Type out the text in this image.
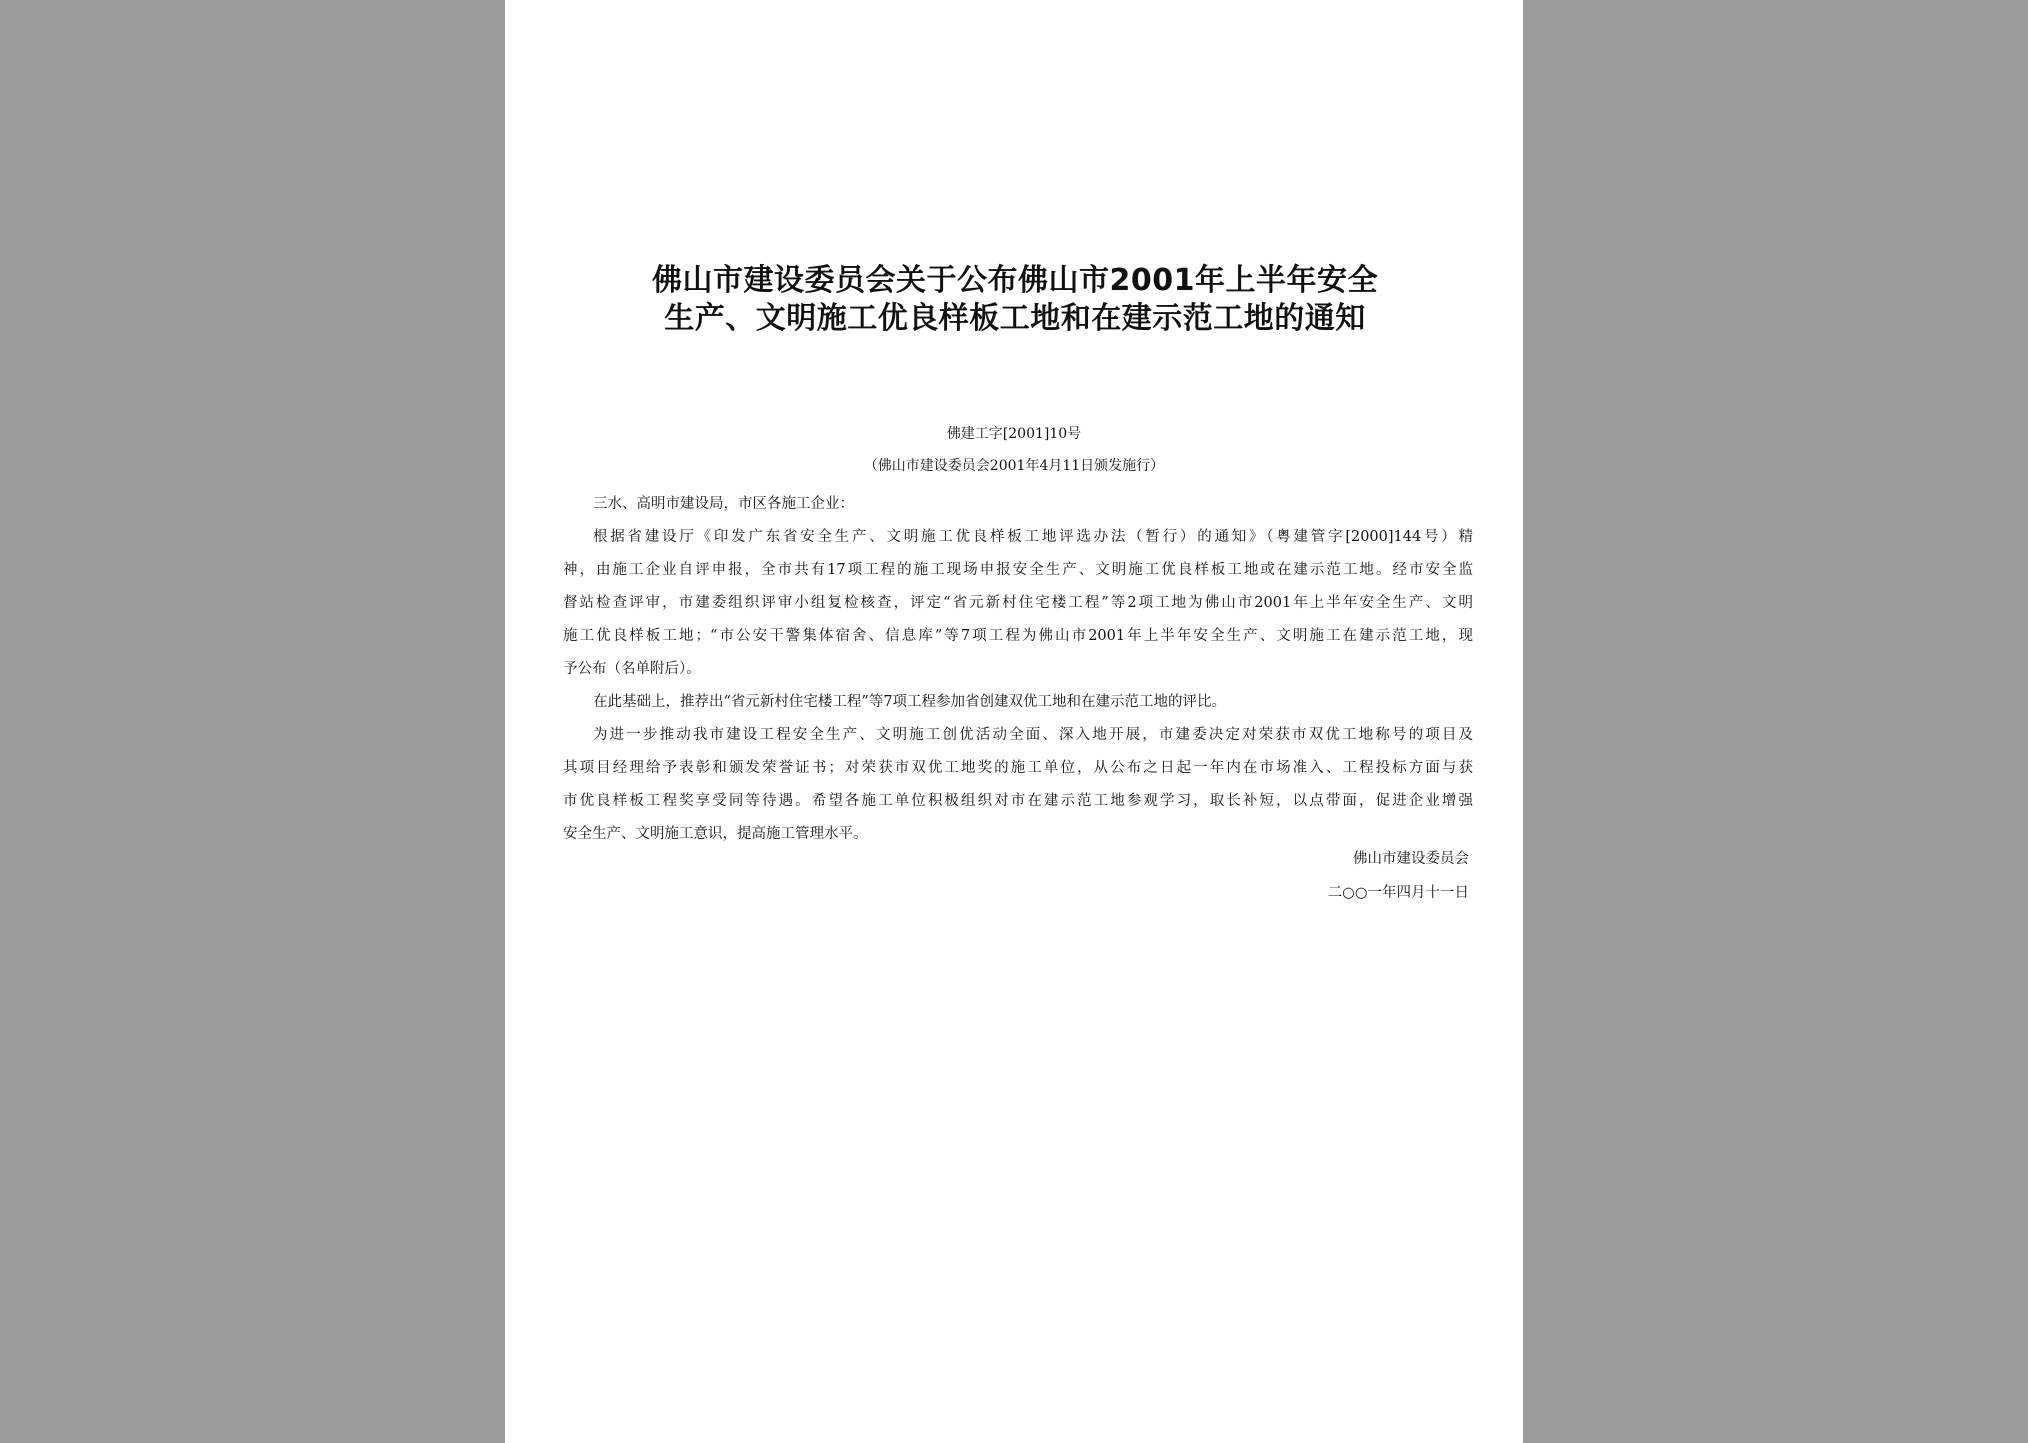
佛山市建设委员会关于公布佛山市2001年上半年安全
生产、文明施工优良样板工地和在建示范工地的通知
佛建工字[2001]10号
（佛山市建设委员会2001年4月11日颁发施行）

三水、高明市建设局，市区各施工企业：

根据省建设厅《印发广东省安全生产、文明施工优良样板工地评选办法（暂行）的通知》（粤建管字[2000]144号）精
神，由施工企业自评申报，全市共有17项工程的施工现场申报安全生产、文明施工优良样板工地或在建示范工地。经市安全监
督站检查评审，市建委组织评审小组复检核查，评定“省元新村住宅楼工程”等2项工地为佛山市2001年上半年安全生产、文明
施工优良样板工地；“市公安干警集体宿舍、信息库”等7项工程为佛山市2001年上半年安全生产、文明施工在建示范工地，现
予公布（名单附后）。

在此基础上，推荐出“省元新村住宅楼工程”等7项工程参加省创建双优工地和在建示范工地的评比。

为进一步推动我市建设工程安全生产、文明施工创优活动全面、深入地开展，市建委决定对荣获市双优工地称号的项目及
其项目经理给予表彰和颁发荣誉证书；对荣获市双优工地奖的施工单位，从公布之日起一年内在市场准入、工程投标方面与获
市优良样板工程奖享受同等待遇。希望各施工单位积极组织对市在建示范工地参观学习，取长补短，以点带面，促进企业增强
安全生产、文明施工意识，提高施工管理水平。

佛山市建设委员会
二○○一年四月十一日
